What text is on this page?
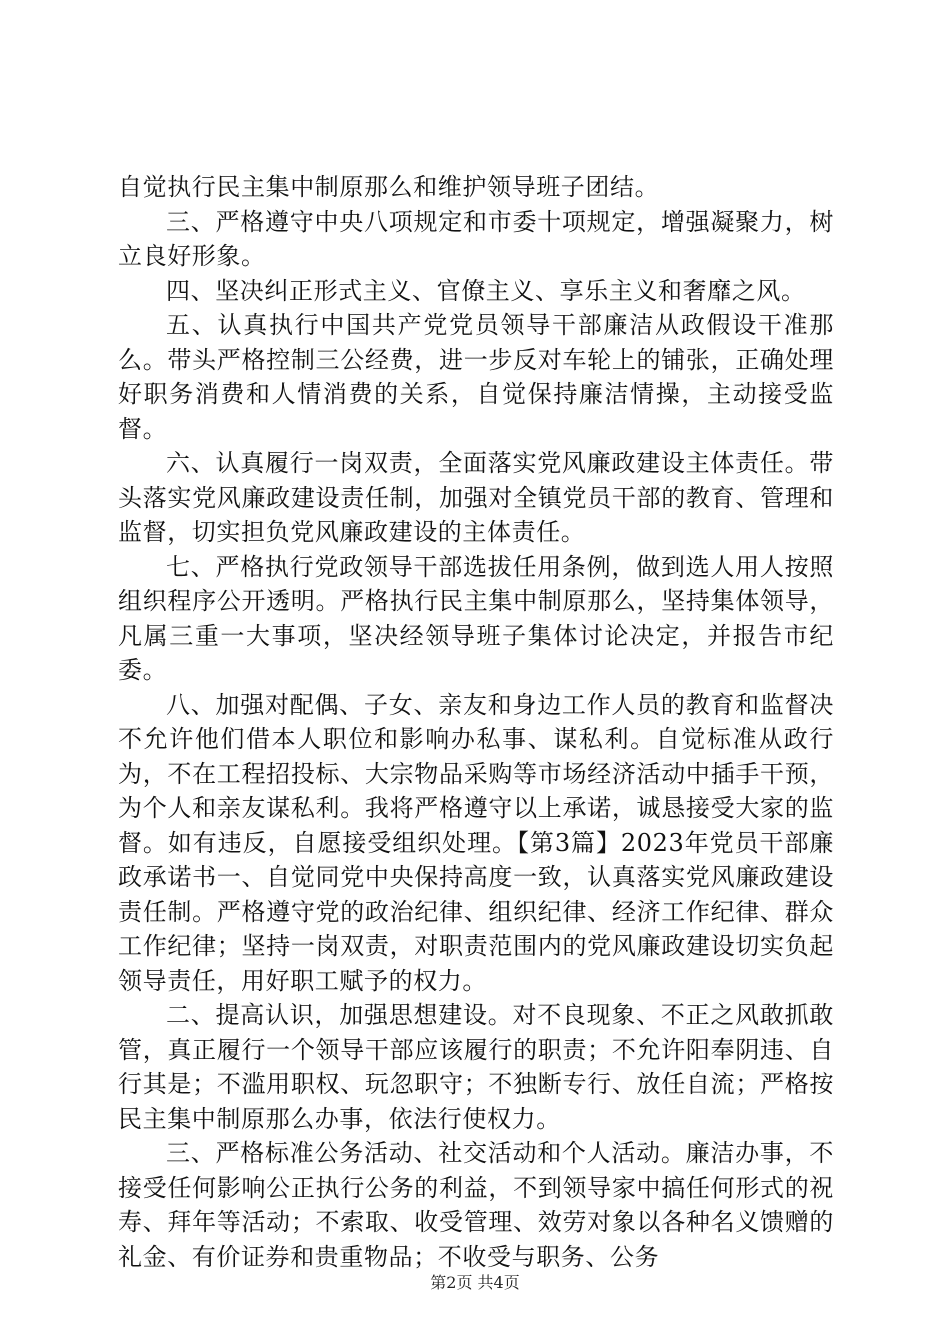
自觉执行民主集中制原那么和维护领导班子团结。

三、严格遵守中央八项规定和市委十项规定，增强凝聚力，树立良好形象。

四、坚决纠正形式主义、官僚主义、享乐主义和奢靡之风。

五、认真执行中国共产党党员领导干部廉洁从政假设干准那么。带头严格控制三公经费，进一步反对车轮上的铺张，正确处理好职务消费和人情消费的关系，自觉保持廉洁情操，主动接受监督。

六、认真履行一岗双责，全面落实党风廉政建设主体责任。带头落实党风廉政建设责任制，加强对全镇党员干部的教育、管理和监督，切实担负党风廉政建设的主体责任。

七、严格执行党政领导干部选拔任用条例，做到选人用人按照组织程序公开透明。严格执行民主集中制原那么，坚持集体领导，凡属三重一大事项，坚决经领导班子集体讨论决定，并报告市纪委。

八、加强对配偶、子女、亲友和身边工作人员的教育和监督决不允许他们借本人职位和影响办私事、谋私利。自觉标准从政行为，不在工程招投标、大宗物品采购等市场经济活动中插手干预，为个人和亲友谋私利。我将严格遵守以上承诺，诚恳接受大家的监督。如有违反，自愿接受组织处理。【第3篇】2023年党员干部廉政承诺书一、自觉同党中央保持高度一致，认真落实党风廉政建设责任制。严格遵守党的政治纪律、组织纪律、经济工作纪律、群众工作纪律；坚持一岗双责，对职责范围内的党风廉政建设切实负起领导责任，用好职工赋予的权力。

二、提高认识，加强思想建设。对不良现象、不正之风敢抓敢管，真正履行一个领导干部应该履行的职责；不允许阳奉阴违、自行其是；不滥用职权、玩忽职守；不独断专行、放任自流；严格按民主集中制原那么办事，依法行使权力。

三、严格标准公务活动、社交活动和个人活动。廉洁办事，不接受任何影响公正执行公务的利益，不到领导家中搞任何形式的祝寿、拜年等活动；不索取、收受管理、效劳对象以各种名义馈赠的礼金、有价证券和贵重物品；不收受与职务、公务

第2页 共4页
